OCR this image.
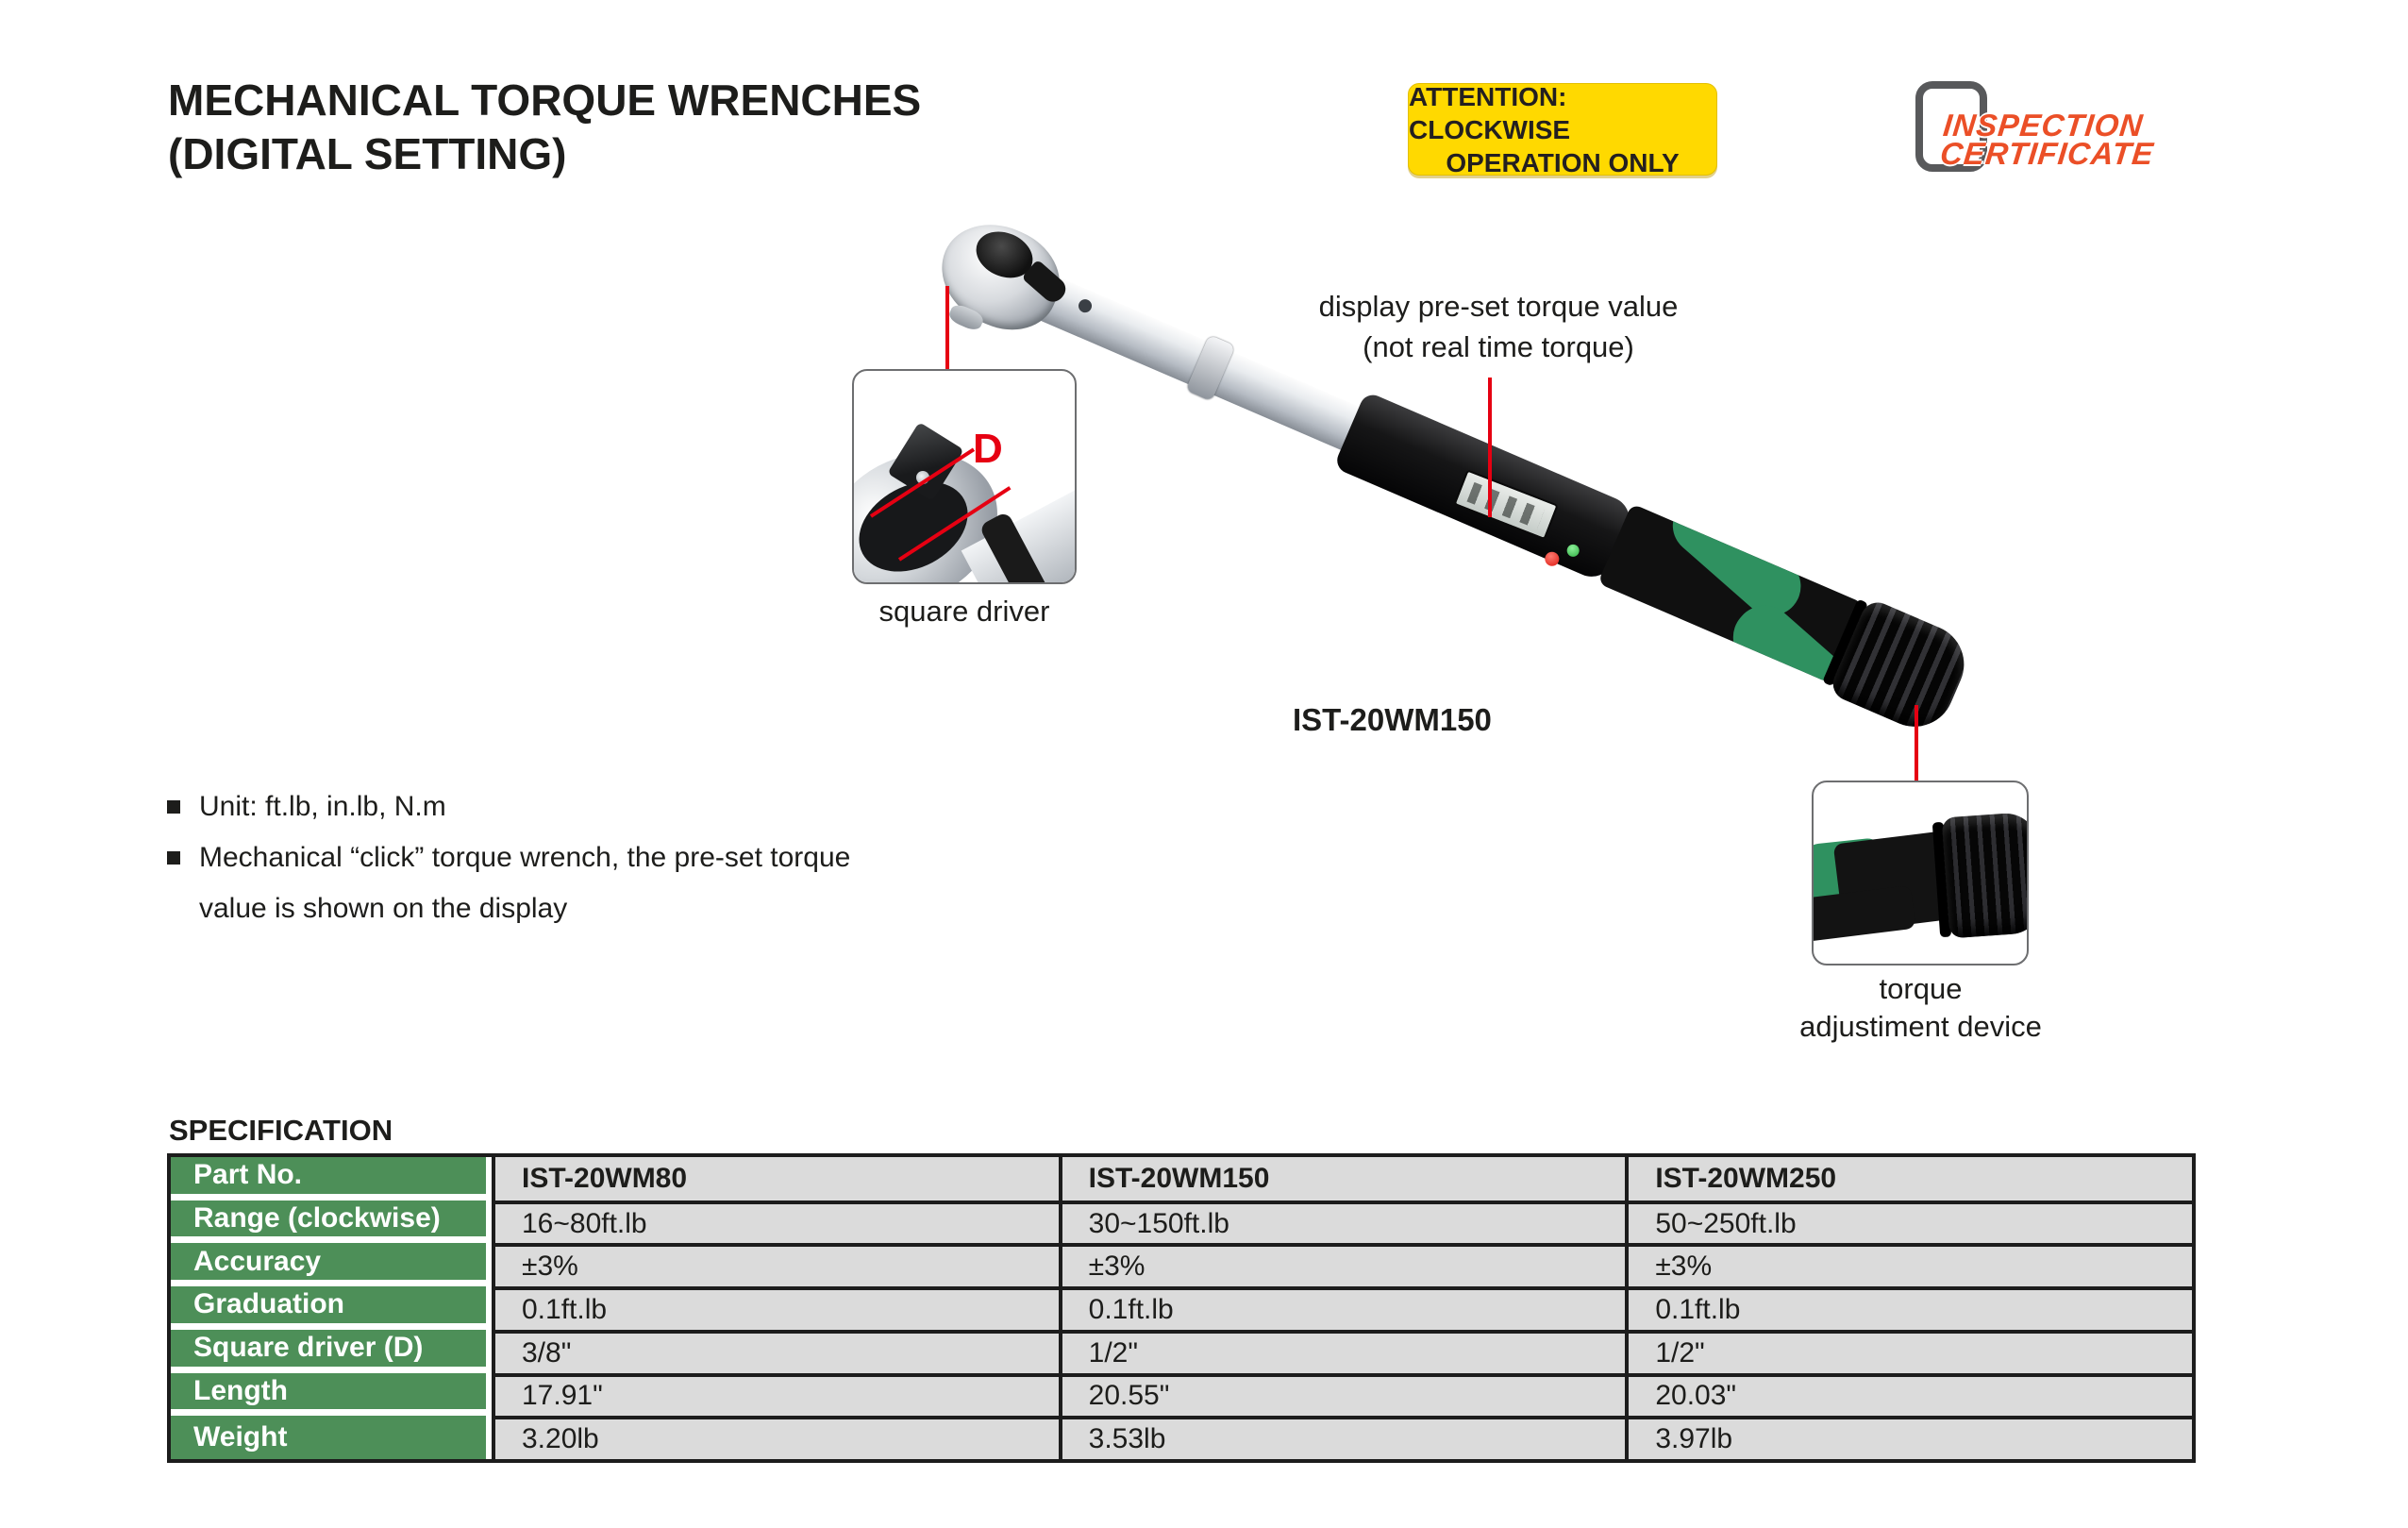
MECHANICAL TORQUE WRENCHES
(DIGITAL SETTING)
ATTENTION: CLOCKWISE
OPERATION ONLY
INSPECTION
CERTIFICATE
D
square driver
display pre-set torque value
(not real time torque)
IST-20WM150
torque
adjustiment device
Unit: ft.lb, in.lb, N.m
Mechanical “click” torque wrench, the pre-set torque value is shown on the display
SPECIFICATION
Part No.	IST-20WM80	IST-20WM150	IST-20WM250
Range (clockwise)	16~80ft.lb	30~150ft.lb	50~250ft.lb
Accuracy	±3%	±3%	±3%
Graduation	0.1ft.lb	0.1ft.lb	0.1ft.lb
Square driver (D)	3/8"	1/2"	1/2"
Length	17.91"	20.55"	20.03"
Weight	3.20lb	3.53lb	3.97lb
